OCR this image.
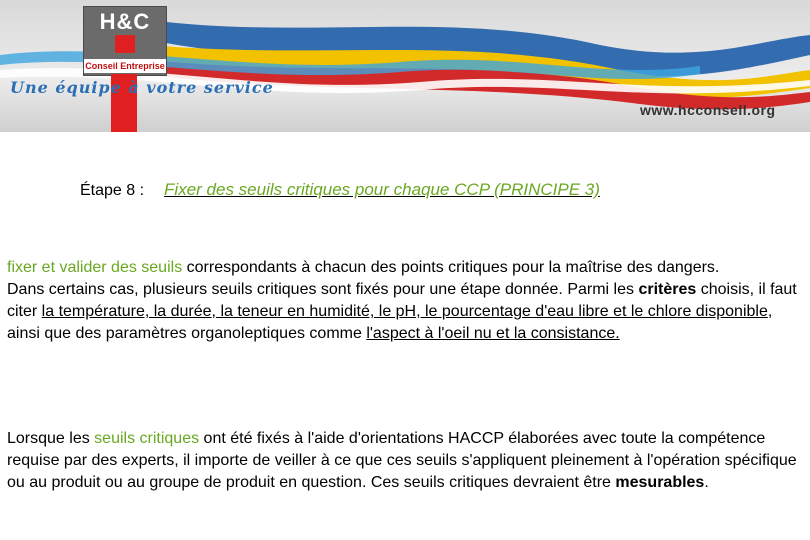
H&C
Conseil Entreprise
Une équipe à votre service
www.hcconsell.org
Étape 8 : Fixer des seuils critiques pour chaque CCP (PRINCIPE 3)
fixer et valider des seuils correspondants à chacun des points critiques pour la maîtrise des dangers.
Dans certains cas, plusieurs seuils critiques sont fixés pour une étape donnée. Parmi les critères choisis, il faut citer la température, la durée, la teneur en humidité, le pH, le pourcentage d'eau libre et le chlore disponible, ainsi que des paramètres organoleptiques comme l'aspect à l'oeil nu et la consistance.
Lorsque les seuils critiques ont été fixés à l'aide d'orientations HACCP élaborées avec toute la compétence requise par des experts, il importe de veiller à ce que ces seuils s'appliquent pleinement à l'opération spécifique ou au produit ou au groupe de produit en question. Ces seuils critiques devraient être mesurables.
